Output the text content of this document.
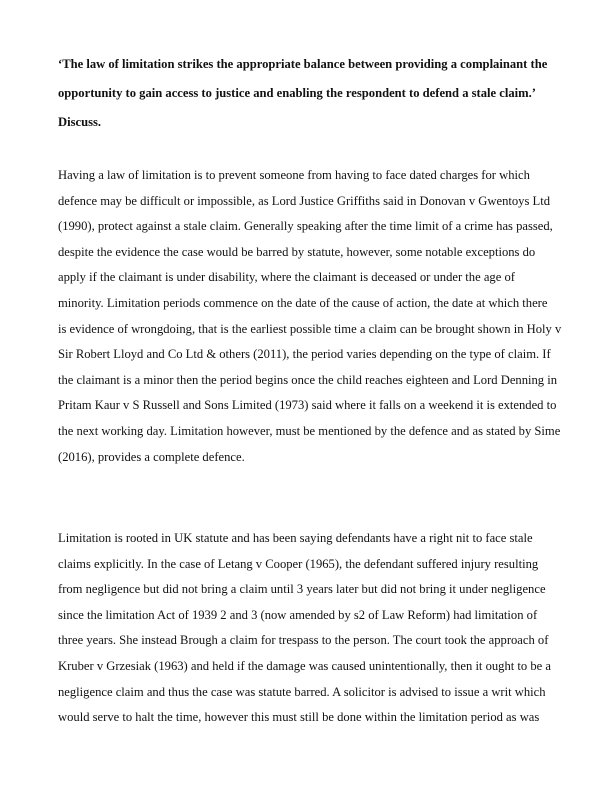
‘The law of limitation strikes the appropriate balance between providing a complainant the
opportunity to gain access to justice and enabling the respondent to defend a stale claim.’
Discuss.
Having a law of limitation is to prevent someone from having to face dated charges for which
defence may be difficult or impossible, as Lord Justice Griffiths said in Donovan v Gwentoys Ltd
(1990), protect against a stale claim. Generally speaking after the time limit of a crime has passed,
despite the evidence the case would be barred by statute, however, some notable exceptions do
apply if the claimant is under disability, where the claimant is deceased or under the age of
minority. Limitation periods commence on the date of the cause of action, the date at which there
is evidence of wrongdoing, that is the earliest possible time a claim can be brought shown in Holy v
Sir Robert Lloyd and Co Ltd & others (2011), the period varies depending on the type of claim. If
the claimant is a minor then the period begins once the child reaches eighteen and Lord Denning in
Pritam Kaur v S Russell and Sons Limited (1973) said where it falls on a weekend it is extended to
the next working day. Limitation however, must be mentioned by the defence and as stated by Sime
(2016), provides a complete defence.
Limitation is rooted in UK statute and has been saying defendants have a right nit to face stale
claims explicitly. In the case of Letang v Cooper (1965), the defendant suffered injury resulting
from negligence but did not bring a claim until 3 years later but did not bring it under negligence
since the limitation Act of 1939 2 and 3 (now amended by s2 of Law Reform) had limitation of
three years. She instead Brough a claim for trespass to the person. The court took the approach of
Kruber v Grzesiak (1963) and held if the damage was caused unintentionally, then it ought to be a
negligence claim and thus the case was statute barred. A solicitor is advised to issue a writ which
would serve to halt the time, however this must still be done within the limitation period as was
